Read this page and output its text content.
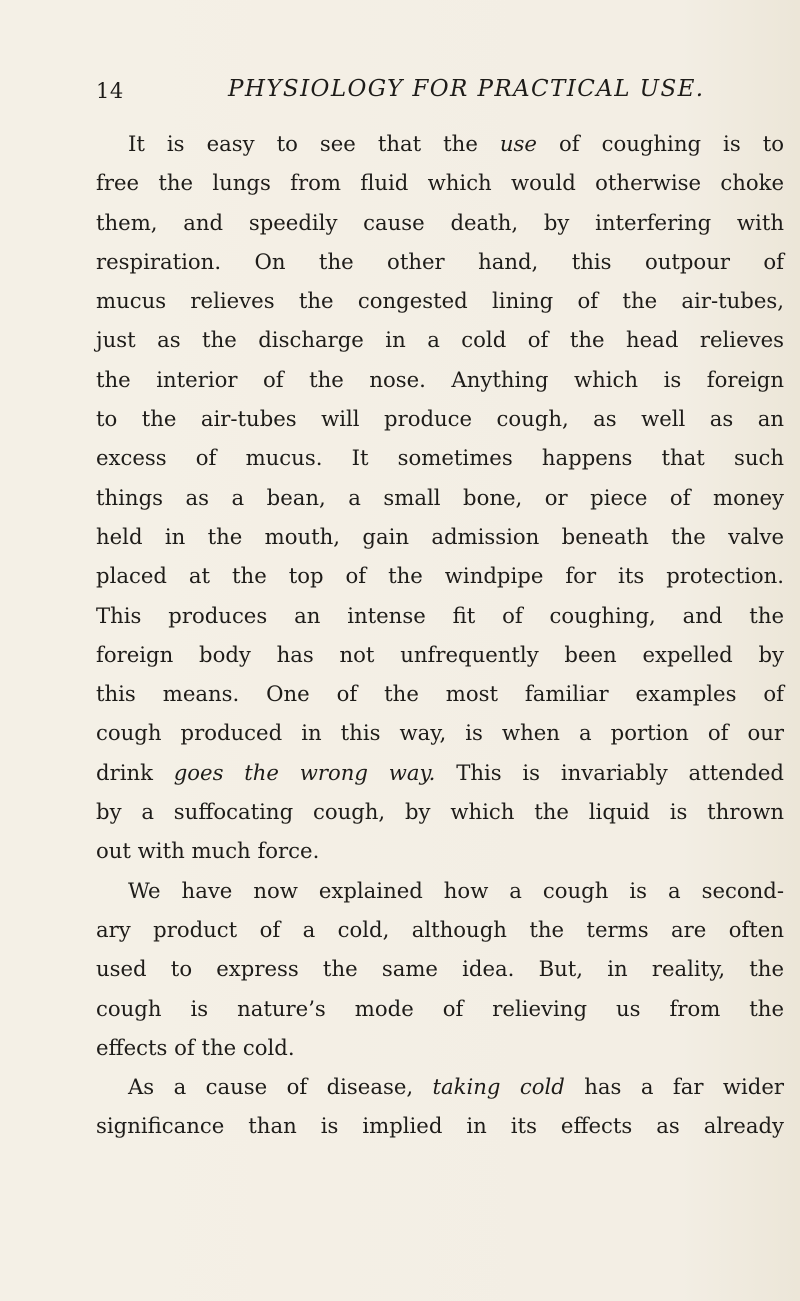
14	PHYSIOLOGY FOR PRACTICAL USE.
It is easy to see that the use of coughing is to
free the lungs from fluid which would otherwise choke
them, and speedily cause death, by interfering with
respiration. On the other hand, this outpour of
mucus relieves the congested lining of the air-tubes,
just as the discharge in a cold of the head relieves
the interior of the nose. Anything which is foreign
to the air-tubes will produce cough, as well as an
excess of mucus. It sometimes happens that such
things as a bean, a small bone, or piece of money
held in the mouth, gain admission beneath the valve
placed at the top of the windpipe for its protection.
This produces an intense fit of coughing, and the
foreign body has not unfrequently been expelled by
this means. One of the most familiar examples of
cough produced in this way, is when a portion of our
drink goes the wrong way. This is invariably attended
by a suffocating cough, by which the liquid is thrown
out with much force.
We have now explained how a cough is a second-
ary product of a cold, although the terms are often
used to express the same idea. But, in reality, the
cough is nature’s mode of relieving us from the
effects of the cold.
As a cause of disease, taking cold has a far wider
significance than is implied in its effects as already
